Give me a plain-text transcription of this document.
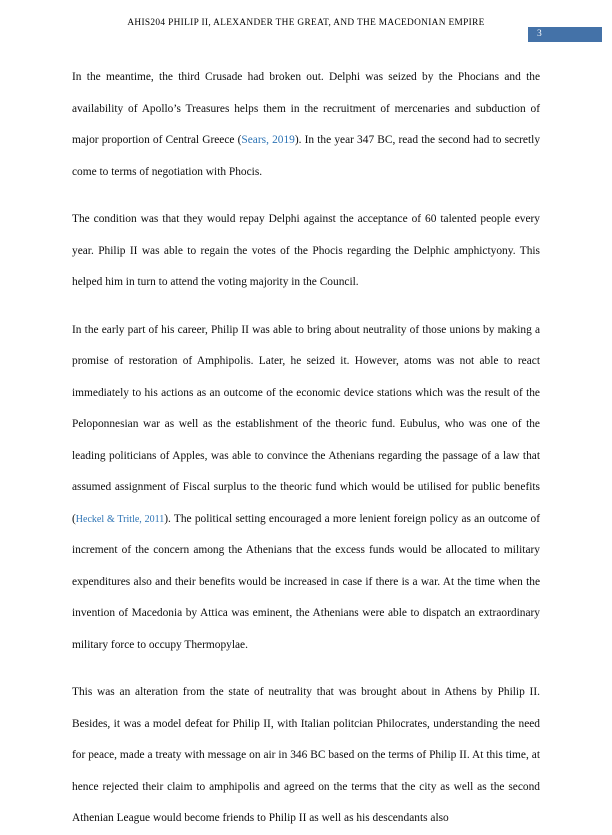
AHIS204 PHILIP II, ALEXANDER THE GREAT, AND THE MACEDONIAN EMPIRE
3

In the meantime, the third Crusade had broken out. Delphi was seized by the Phocians and the availability of Apollo’s Treasures helps them in the recruitment of mercenaries and subduction of major proportion of Central Greece (Sears, 2019). In the year 347 BC, read the second had to secretly come to terms of negotiation with Phocis.

The condition was that they would repay Delphi against the acceptance of 60 talented people every year. Philip II was able to regain the votes of the Phocis regarding the Delphic amphictyony. This helped him in turn to attend the voting majority in the Council.

In the early part of his career, Philip II was able to bring about neutrality of those unions by making a promise of restoration of Amphipolis. Later, he seized it. However, atoms was not able to react immediately to his actions as an outcome of the economic device stations which was the result of the Peloponnesian war as well as the establishment of the theoric fund. Eubulus, who was one of the leading politicians of Apples, was able to convince the Athenians regarding the passage of a law that assumed assignment of Fiscal surplus to the theoric fund which would be utilised for public benefits (Heckel & Tritle, 2011). The political setting encouraged a more lenient foreign policy as an outcome of increment of the concern among the Athenians that the excess funds would be allocated to military expenditures also and their benefits would be increased in case if there is a war. At the time when the invention of Macedonia by Attica was eminent, the Athenians were able to dispatch an extraordinary military force to occupy Thermopylae.

This was an alteration from the state of neutrality that was brought about in Athens by Philip II. Besides, it was a model defeat for Philip II, with Italian politcian Philocrates, understanding the need for peace, made a treaty with message on air in 346 BC based on the terms of Philip II. At this time, at hence rejected their claim to amphipolis and agreed on the terms that the city as well as the second Athenian League would become friends to Philip II as well as his descendants also
